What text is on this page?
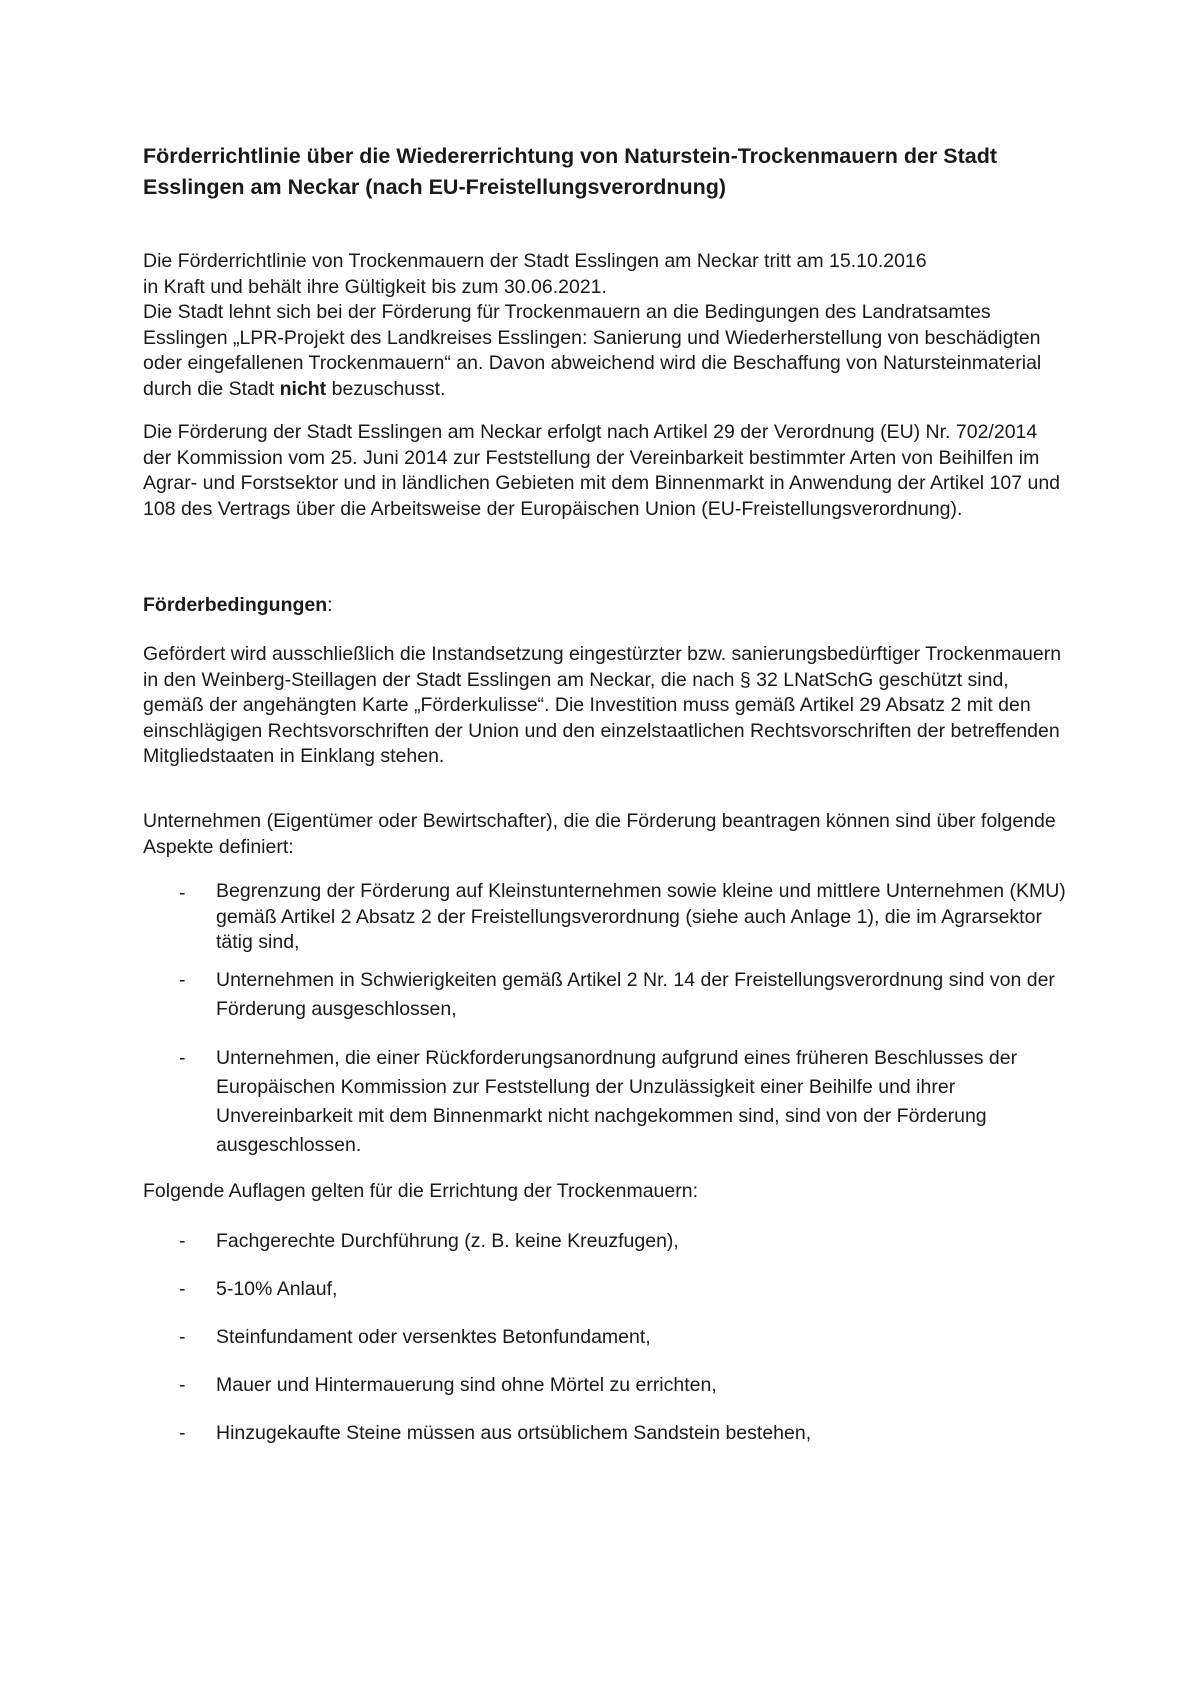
Förderrichtlinie über die Wiedererrichtung von Naturstein-Trockenmauern der Stadt Esslingen am Neckar (nach EU-Freistellungsverordnung)

Die Förderrichtlinie von Trockenmauern der Stadt Esslingen am Neckar tritt am 15.10.2016
in Kraft und behält ihre Gültigkeit bis zum 30.06.2021.
Die Stadt lehnt sich bei der Förderung für Trockenmauern an die Bedingungen des Landratsamtes Esslingen „LPR-Projekt des Landkreises Esslingen: Sanierung und Wiederherstellung von beschädigten oder eingefallenen Trockenmauern“ an. Davon abweichend wird die Beschaffung von Natursteinmaterial durch die Stadt nicht bezuschusst.

Die Förderung der Stadt Esslingen am Neckar erfolgt nach Artikel 29 der Verordnung (EU) Nr. 702/2014 der Kommission vom 25. Juni 2014 zur Feststellung der Vereinbarkeit bestimmter Arten von Beihilfen im Agrar- und Forstsektor und in ländlichen Gebieten mit dem Binnenmarkt in Anwendung der Artikel 107 und 108 des Vertrags über die Arbeitsweise der Europäischen Union (EU-Freistellungsverordnung).

Förderbedingungen:

Gefördert wird ausschließlich die Instandsetzung eingestürzter bzw. sanierungsbedürftiger Trockenmauern in den Weinberg-Steillagen der Stadt Esslingen am Neckar, die nach § 32 LNatSchG geschützt sind, gemäß der angehängten Karte „Förderkulisse“. Die Investition muss gemäß Artikel 29 Absatz 2 mit den einschlägigen Rechtsvorschriften der Union und den einzelstaatlichen Rechtsvorschriften der betreffenden Mitgliedstaaten in Einklang stehen.

Unternehmen (Eigentümer oder Bewirtschafter), die die Förderung beantragen können sind über folgende Aspekte definiert:

- Begrenzung der Förderung auf Kleinstunternehmen sowie kleine und mittlere Unternehmen (KMU) gemäß Artikel 2 Absatz 2 der Freistellungsverordnung (siehe auch Anlage 1), die im Agrarsektor tätig sind,
- Unternehmen in Schwierigkeiten gemäß Artikel 2 Nr. 14 der Freistellungsverordnung sind von der Förderung ausgeschlossen,
- Unternehmen, die einer Rückforderungsanordnung aufgrund eines früheren Beschlusses der Europäischen Kommission zur Feststellung der Unzulässigkeit einer Beihilfe und ihrer Unvereinbarkeit mit dem Binnenmarkt nicht nachgekommen sind, sind von der Förderung ausgeschlossen.

Folgende Auflagen gelten für die Errichtung der Trockenmauern:

- Fachgerechte Durchführung (z. B. keine Kreuzfugen),
- 5-10% Anlauf,
- Steinfundament oder versenktes Betonfundament,
- Mauer und Hintermauerung sind ohne Mörtel zu errichten,
- Hinzugekaufte Steine müssen aus ortsüblichem Sandstein bestehen,
